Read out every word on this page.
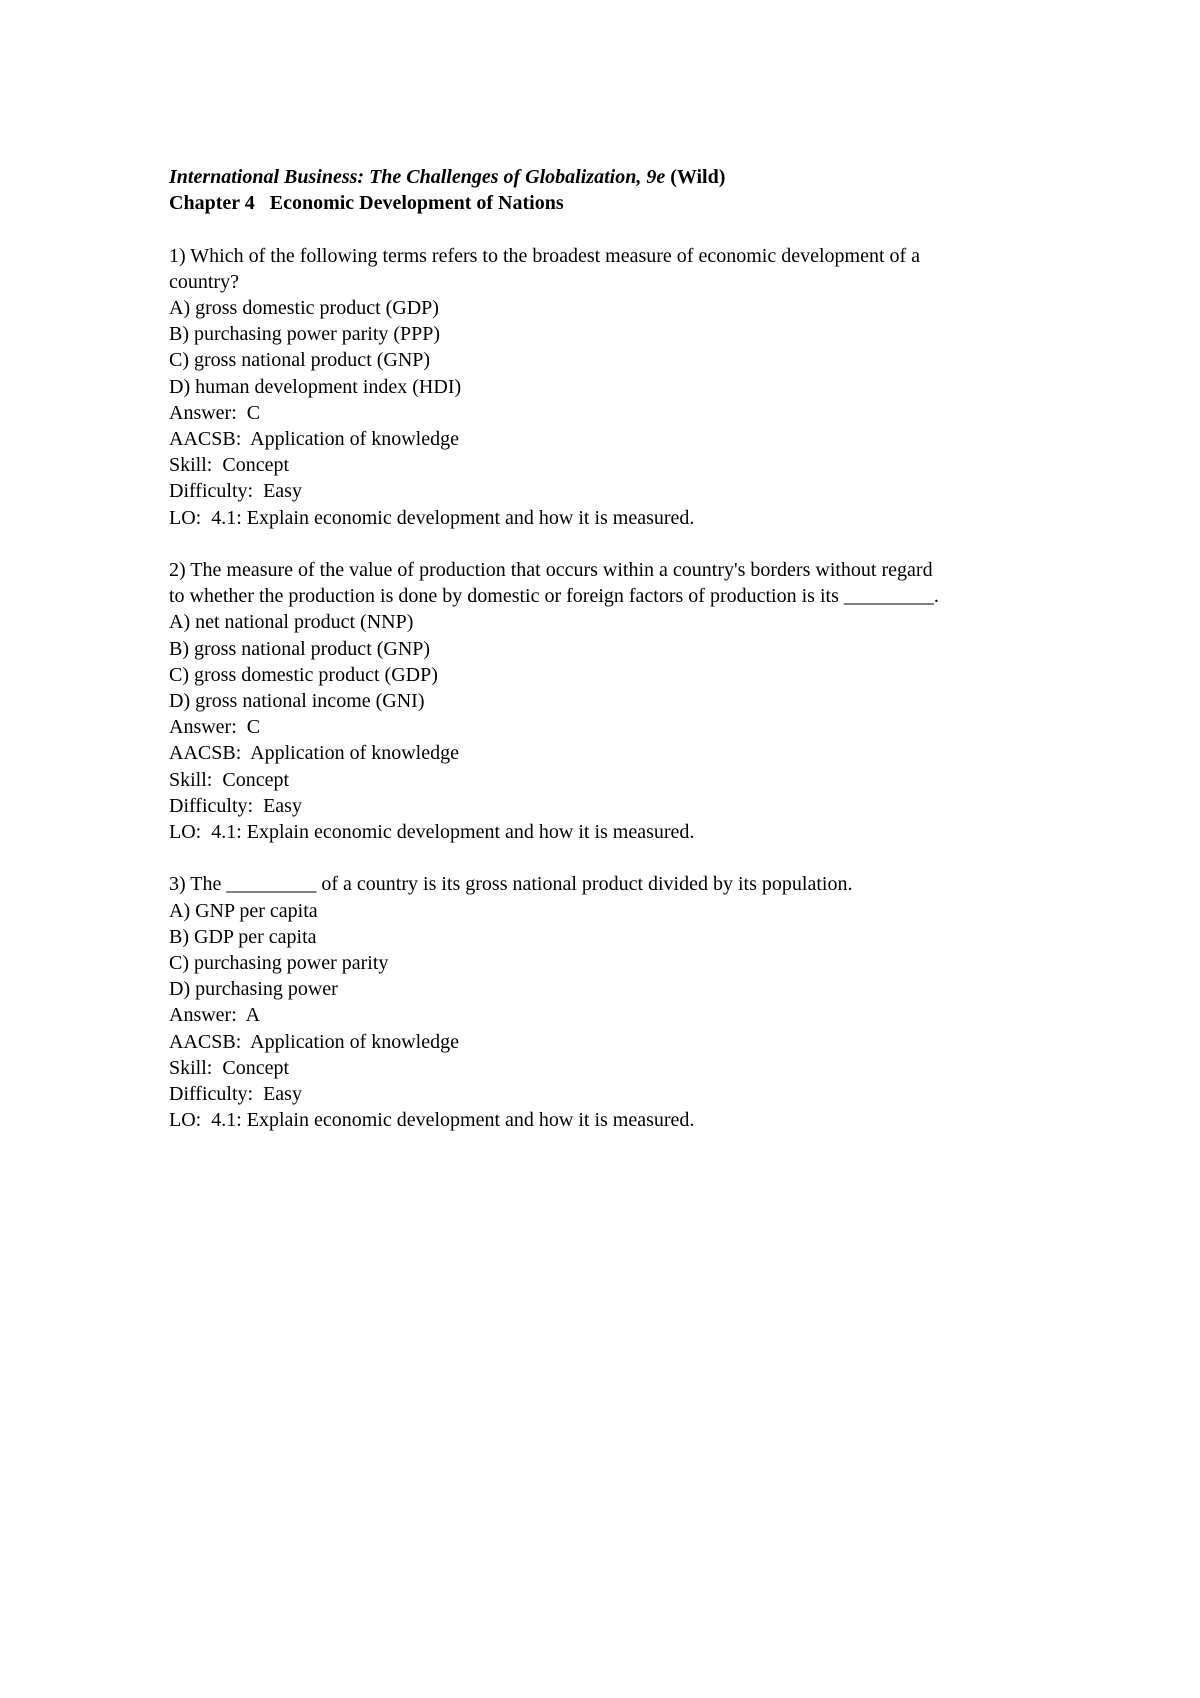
International Business: The Challenges of Globalization, 9e (Wild)
Chapter 4   Economic Development of Nations
1) Which of the following terms refers to the broadest measure of economic development of a
country?
A) gross domestic product (GDP)
B) purchasing power parity (PPP)
C) gross national product (GNP)
D) human development index (HDI)
Answer:  C
AACSB:  Application of knowledge
Skill:  Concept
Difficulty:  Easy
LO:  4.1: Explain economic development and how it is measured.
2) The measure of the value of production that occurs within a country's borders without regard
to whether the production is done by domestic or foreign factors of production is its _________.
A) net national product (NNP)
B) gross national product (GNP)
C) gross domestic product (GDP)
D) gross national income (GNI)
Answer:  C
AACSB:  Application of knowledge
Skill:  Concept
Difficulty:  Easy
LO:  4.1: Explain economic development and how it is measured.
3) The _________ of a country is its gross national product divided by its population.
A) GNP per capita
B) GDP per capita
C) purchasing power parity
D) purchasing power
Answer:  A
AACSB:  Application of knowledge
Skill:  Concept
Difficulty:  Easy
LO:  4.1: Explain economic development and how it is measured.
